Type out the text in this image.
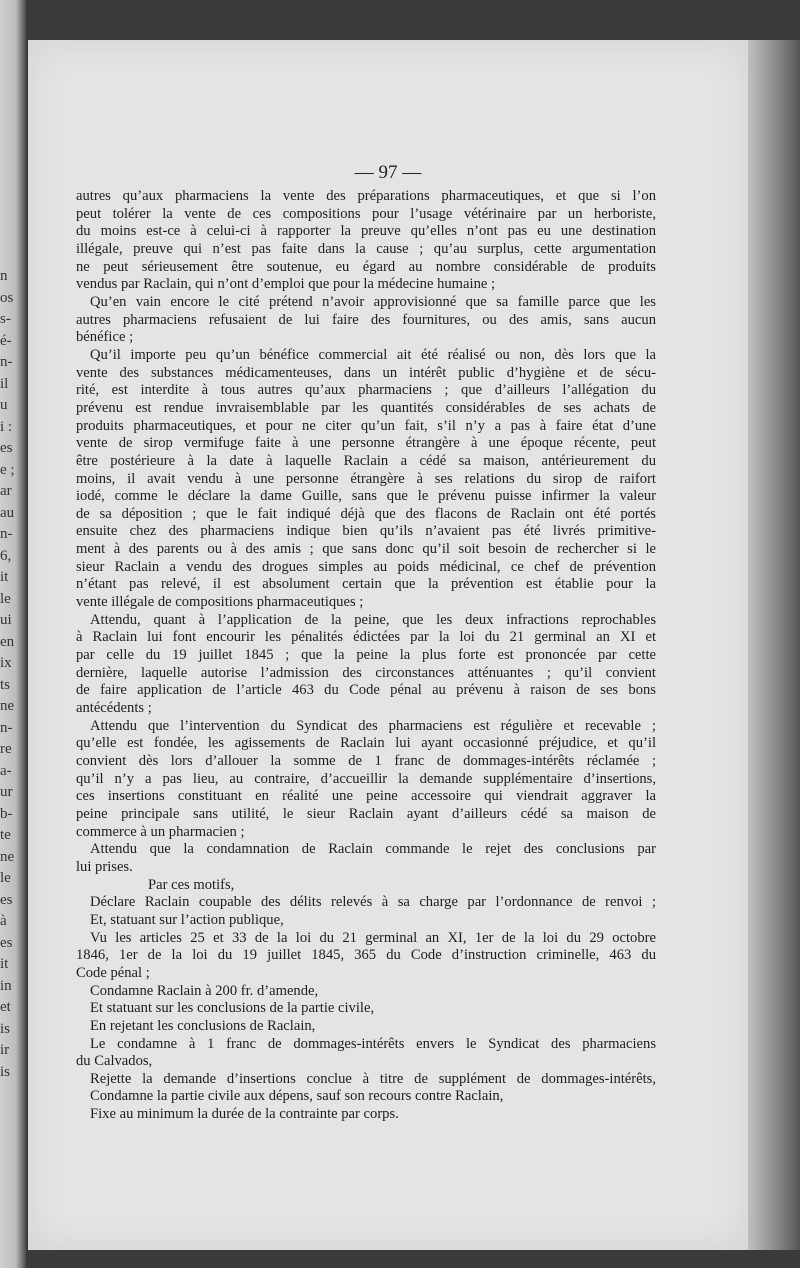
n
os
s-
é-
n-
il
u
i :
es
e ;
ar
au
n-
6,
it
le
ui
en
ix
ts
ne
n-
re
a-
ur
b-
te
ne
le
es
à
es
it
in
et
is
ir
is
— 97 —
autres qu’aux pharmaciens la vente des préparations pharmaceutiques, et que si l’on
peut tolérer la vente de ces compositions pour l’usage vétérinaire par un herboriste,
du moins est-ce à celui-ci à rapporter la preuve qu’elles n’ont pas eu une destination
illégale, preuve qui n’est pas faite dans la cause ; qu’au surplus, cette argumentation
ne peut sérieusement être soutenue, eu égard au nombre considérable de produits
vendus par Raclain, qui n’ont d’emploi que pour la médecine humaine ;
Qu’en vain encore le cité prétend n’avoir approvisionné que sa famille parce que les
autres pharmaciens refusaient de lui faire des fournitures, ou des amis, sans aucun
bénéfice ;
Qu’il importe peu qu’un bénéfice commercial ait été réalisé ou non, dès lors que la
vente des substances médicamenteuses, dans un intérêt public d’hygiène et de sécu-
rité, est interdite à tous autres qu’aux pharmaciens ; que d’ailleurs l’allégation du
prévenu est rendue invraisemblable par les quantités considérables de ses achats de
produits pharmaceutiques, et pour ne citer qu’un fait, s’il n’y a pas à faire état d’une
vente de sirop vermifuge faite à une personne étrangère à une époque récente, peut
être postérieure à la date à laquelle Raclain a cédé sa maison, antérieurement du
moins, il avait vendu à une personne étrangère à ses relations du sirop de raifort
iodé, comme le déclare la dame Guille, sans que le prévenu puisse infirmer la valeur
de sa déposition ; que le fait indiqué déjà que des flacons de Raclain ont été portés
ensuite chez des pharmaciens indique bien qu’ils n’avaient pas été livrés primitive-
ment à des parents ou à des amis ; que sans donc qu’il soit besoin de rechercher si le
sieur Raclain a vendu des drogues simples au poids médicinal, ce chef de prévention
n’étant pas relevé, il est absolument certain que la prévention est établie pour la
vente illégale de compositions pharmaceutiques ;
Attendu, quant à l’application de la peine, que les deux infractions reprochables
à Raclain lui font encourir les pénalités édictées par la loi du 21 germinal an XI et
par celle du 19 juillet 1845 ; que la peine la plus forte est prononcée par cette
dernière, laquelle autorise l’admission des circonstances atténuantes ; qu’il convient
de faire application de l’article 463 du Code pénal au prévenu à raison de ses bons
antécédents ;
Attendu que l’intervention du Syndicat des pharmaciens est régulière et recevable ;
qu’elle est fondée, les agissements de Raclain lui ayant occasionné préjudice, et qu’il
convient dès lors d’allouer la somme de 1 franc de dommages-intérêts réclamée ;
qu’il n’y a pas lieu, au contraire, d’accueillir la demande supplémentaire d’insertions,
ces insertions constituant en réalité une peine accessoire qui viendrait aggraver la
peine principale sans utilité, le sieur Raclain ayant d’ailleurs cédé sa maison de
commerce à un pharmacien ;
Attendu que la condamnation de Raclain commande le rejet des conclusions par
lui prises.
Par ces motifs,
Déclare Raclain coupable des délits relevés à sa charge par l’ordonnance de renvoi ;
Et, statuant sur l’action publique,
Vu les articles 25 et 33 de la loi du 21 germinal an XI, 1er de la loi du 29 octobre
1846, 1er de la loi du 19 juillet 1845, 365 du Code d’instruction criminelle, 463 du
Code pénal ;
Condamne Raclain à 200 fr. d’amende,
Et statuant sur les conclusions de la partie civile,
En rejetant les conclusions de Raclain,
Le condamne à 1 franc de dommages-intérêts envers le Syndicat des pharmaciens
du Calvados,
Rejette la demande d’insertions conclue à titre de supplément de dommages-intérêts,
Condamne la partie civile aux dépens, sauf son recours contre Raclain,
Fixe au minimum la durée de la contrainte par corps.
